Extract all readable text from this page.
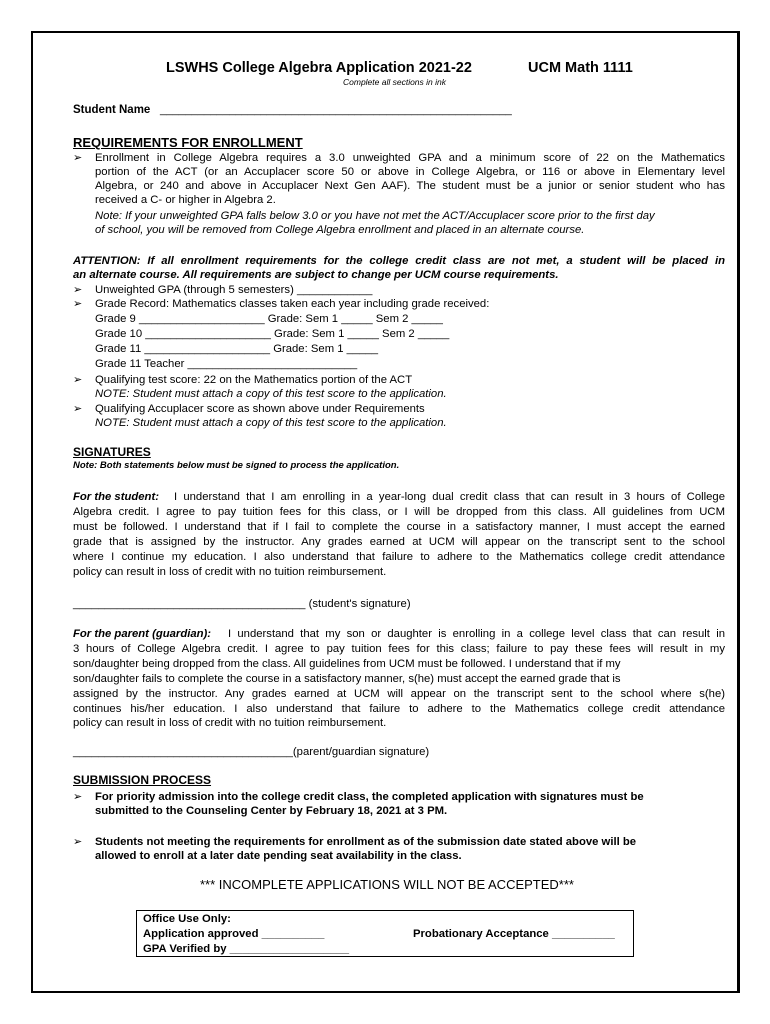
LSWHS College Algebra Application 2021-22	UCM Math 1111
Complete all sections in ink
Student Name ________________________________________________________
REQUIREMENTS FOR ENROLLMENT
➢ Enrollment in College Algebra requires a 3.0 unweighted GPA and a minimum score of 22 on the Mathematics
portion of the ACT (or an Accuplacer score 50 or above in College Algebra, or 116 or above in Elementary level
Algebra, or 240 and above in Accuplacer Next Gen AAF). The student must be a junior or senior student who has
received a C- or higher in Algebra 2.
Note: If your unweighted GPA falls below 3.0 or you have not met the ACT/Accuplacer score prior to the first day
of school, you will be removed from College Algebra enrollment and placed in an alternate course.
ATTENTION: If all enrollment requirements for the college credit class are not met, a student will be placed in
an alternate course. All requirements are subject to change per UCM course requirements.
➢ Unweighted GPA (through 5 semesters) ____________
➢ Grade Record: Mathematics classes taken each year including grade received:
Grade 9 ____________________ Grade: Sem 1 _____ Sem 2 _____
Grade 10 ____________________ Grade: Sem 1 _____ Sem 2 _____
Grade 11 ____________________ Grade: Sem 1 _____
Grade 11 Teacher ___________________________
➢ Qualifying test score: 22 on the Mathematics portion of the ACT
NOTE: Student must attach a copy of this test score to the application.
➢ Qualifying Accuplacer score as shown above under Requirements
NOTE: Student must attach a copy of this test score to the application.
SIGNATURES
Note: Both statements below must be signed to process the application.
For the student: I understand that I am enrolling in a year-long dual credit class that can result in 3 hours of College
Algebra credit. I agree to pay tuition fees for this class, or I will be dropped from this class. All guidelines from UCM
must be followed. I understand that if I fail to complete the course in a satisfactory manner, I must accept the earned
grade that is assigned by the instructor. Any grades earned at UCM will appear on the transcript sent to the school
where I continue my education. I also understand that failure to adhere to the Mathematics college credit attendance
policy can result in loss of credit with no tuition reimbursement.
_____________________________________ (student's signature)
For the parent (guardian): I understand that my son or daughter is enrolling in a college level class that can result in
3 hours of College Algebra credit. I agree to pay tuition fees for this class; failure to pay these fees will result in my
son/daughter being dropped from the class. All guidelines from UCM must be followed. I understand that if my
son/daughter fails to complete the course in a satisfactory manner, s(he) must accept the earned grade that is
assigned by the instructor. Any grades earned at UCM will appear on the transcript sent to the school where s(he)
continues his/her education. I also understand that failure to adhere to the Mathematics college credit attendance
policy can result in loss of credit with no tuition reimbursement.
___________________________________(parent/guardian signature)
SUBMISSION PROCESS
➢ For priority admission into the college credit class, the completed application with signatures must be
submitted to the Counseling Center by February 18, 2021 at 3 PM.
➢ Students not meeting the requirements for enrollment as of the submission date stated above will be
allowed to enroll at a later date pending seat availability in the class.
*** INCOMPLETE APPLICATIONS WILL NOT BE ACCEPTED***
Office Use Only:
Application approved __________	Probationary Acceptance __________
GPA Verified by ___________________
